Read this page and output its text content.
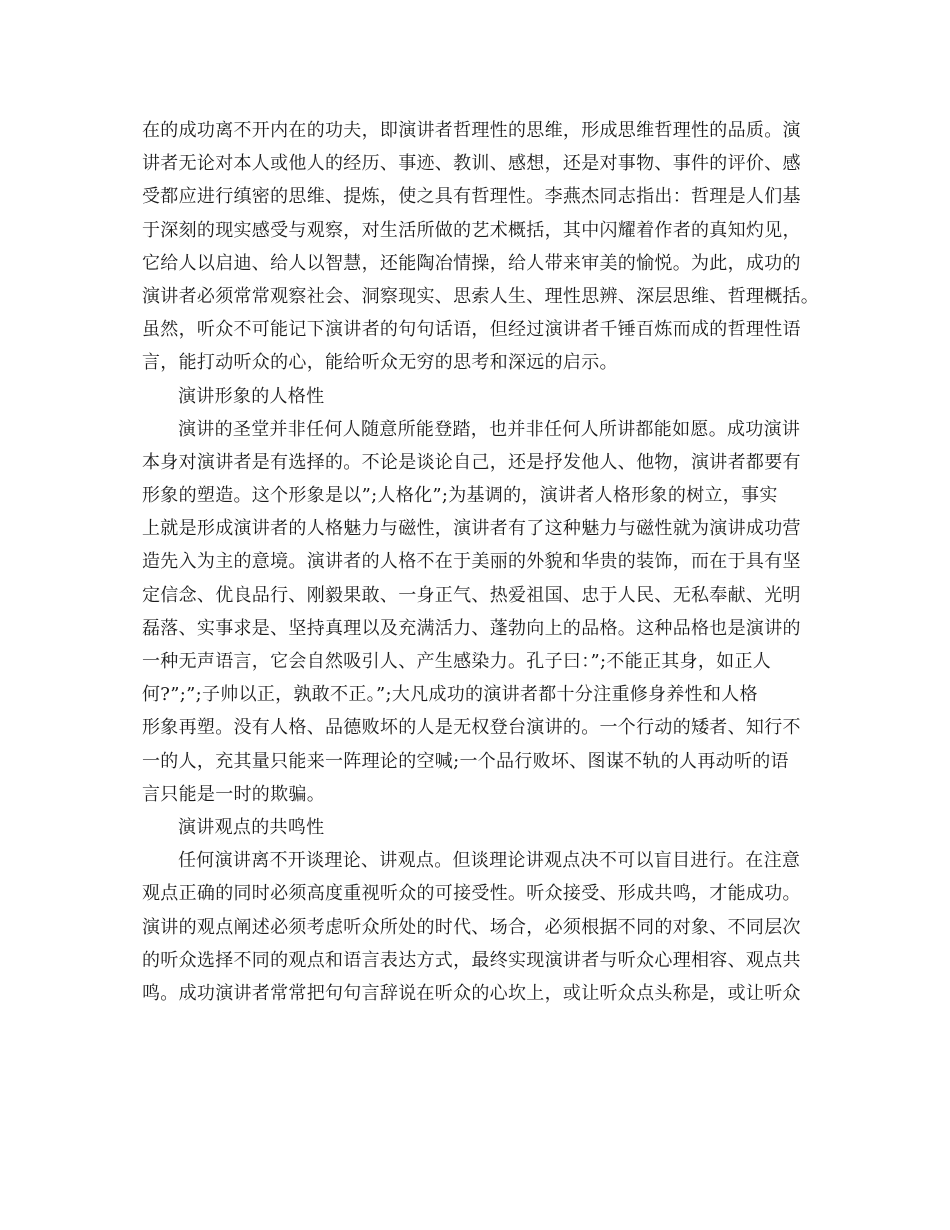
在的成功离不开内在的功夫，即演讲者哲理性的思维，形成思维哲理性的品质。演
讲者无论对本人或他人的经历、事迹、教训、感想，还是对事物、事件的评价、感
受都应进行缜密的思维、提炼，使之具有哲理性。李燕杰同志指出：哲理是人们基
于深刻的现实感受与观察，对生活所做的艺术概括，其中闪耀着作者的真知灼见，
它给人以启迪、给人以智慧，还能陶冶情操，给人带来审美的愉悦。为此，成功的
演讲者必须常常观察社会、洞察现实、思索人生、理性思辨、深层思维、哲理概括。
虽然，听众不可能记下演讲者的句句话语，但经过演讲者千锤百炼而成的哲理性语
言，能打动听众的心，能给听众无穷的思考和深远的启示。
演讲形象的人格性
演讲的圣堂并非任何人随意所能登踏，也并非任何人所讲都能如愿。成功演讲
本身对演讲者是有选择的。不论是谈论自己，还是抒发他人、他物，演讲者都要有
形象的塑造。这个形象是以”;人格化”;为基调的，演讲者人格形象的树立，事实
上就是形成演讲者的人格魅力与磁性，演讲者有了这种魅力与磁性就为演讲成功营
造先入为主的意境。演讲者的人格不在于美丽的外貌和华贵的装饰，而在于具有坚
定信念、优良品行、刚毅果敢、一身正气、热爱祖国、忠于人民、无私奉献、光明
磊落、实事求是、坚持真理以及充满活力、蓬勃向上的品格。这种品格也是演讲的
一种无声语言，它会自然吸引人、产生感染力。孔子曰：”;不能正其身，如正人
何?”;”;子帅以正，孰敢不正。”;大凡成功的演讲者都十分注重修身养性和人格
形象再塑。没有人格、品德败坏的人是无权登台演讲的。一个行动的矮者、知行不
一的人，充其量只能来一阵理论的空喊;一个品行败坏、图谋不轨的人再动听的语
言只能是一时的欺骗。
演讲观点的共鸣性
任何演讲离不开谈理论、讲观点。但谈理论讲观点决不可以盲目进行。在注意
观点正确的同时必须高度重视听众的可接受性。听众接受、形成共鸣，才能成功。
演讲的观点阐述必须考虑听众所处的时代、场合，必须根据不同的对象、不同层次
的听众选择不同的观点和语言表达方式，最终实现演讲者与听众心理相容、观点共
鸣。成功演讲者常常把句句言辞说在听众的心坎上，或让听众点头称是，或让听众
